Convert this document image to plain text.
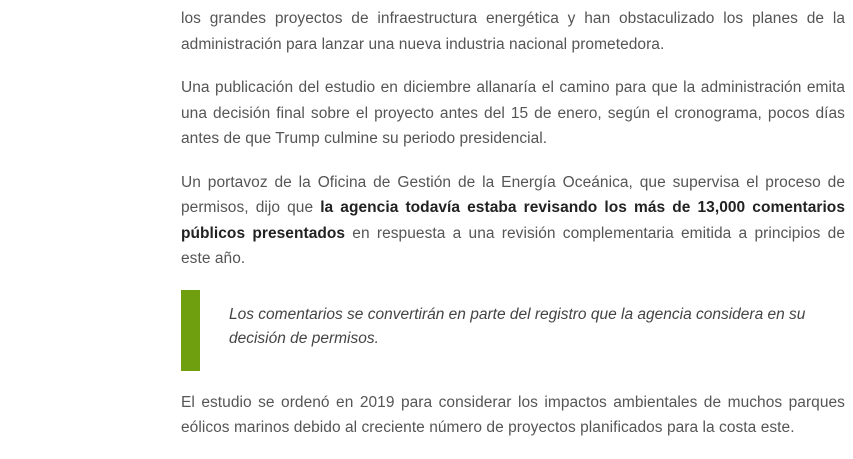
los grandes proyectos de infraestructura energética y han obstaculizado los planes de la administración para lanzar una nueva industria nacional prometedora.

Una publicación del estudio en diciembre allanaría el camino para que la administración emita una decisión final sobre el proyecto antes del 15 de enero, según el cronograma, pocos días antes de que Trump culmine su periodo presidencial.

Un portavoz de la Oficina de Gestión de la Energía Oceánica, que supervisa el proceso de permisos, dijo que la agencia todavía estaba revisando los más de 13,000 comentarios públicos presentados en respuesta a una revisión complementaria emitida a principios de este año.

Los comentarios se convertirán en parte del registro que la agencia considera en su decisión de permisos.

El estudio se ordenó en 2019 para considerar los impactos ambientales de muchos parques eólicos marinos debido al creciente número de proyectos planificados para la costa este.
